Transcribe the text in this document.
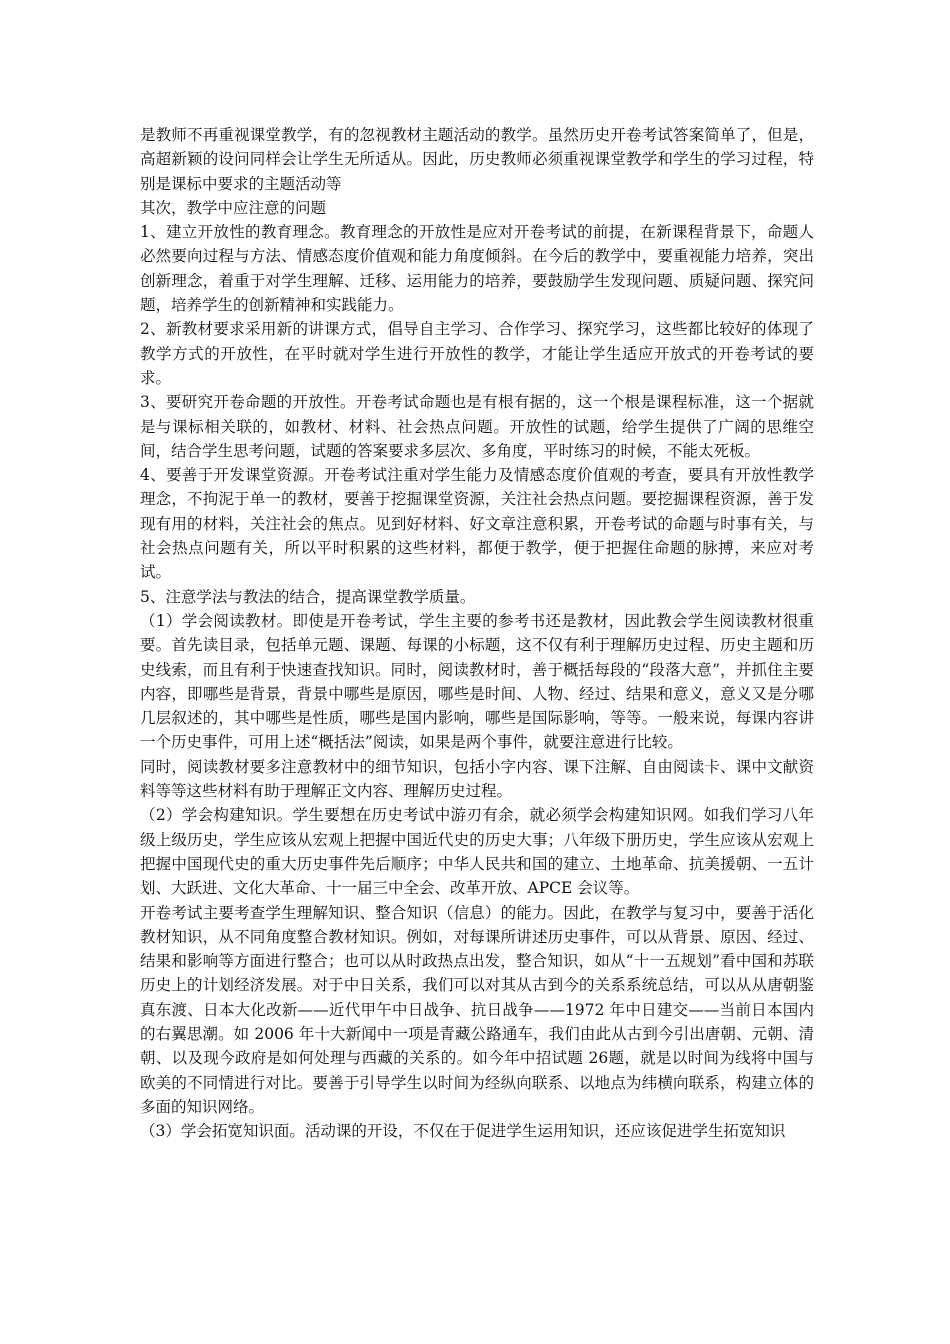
是教师不再重视课堂教学，有的忽视教材主题活动的教学。虽然历史开卷考试答案简单了，但是，高超新颖的设问同样会让学生无所适从。因此，历史教师必须重视课堂教学和学生的学习过程，特别是课标中要求的主题活动等

其次，教学中应注意的问题

1、建立开放性的教育理念。教育理念的开放性是应对开卷考试的前提，在新课程背景下，命题人必然要向过程与方法、情感态度价值观和能力角度倾斜。在今后的教学中，要重视能力培养，突出创新理念，着重于对学生理解、迁移、运用能力的培养，要鼓励学生发现问题、质疑问题、探究问题，培养学生的创新精神和实践能力。

2、新教材要求采用新的讲课方式，倡导自主学习、合作学习、探究学习，这些都比较好的体现了教学方式的开放性，在平时就对学生进行开放性的教学，才能让学生适应开放式的开卷考试的要求。

3、要研究开卷命题的开放性。开卷考试命题也是有根有据的，这一个根是课程标准，这一个据就是与课标相关联的，如教材、材料、社会热点问题。开放性的试题，给学生提供了广阔的思维空间，结合学生思考问题，试题的答案要求多层次、多角度，平时练习的时候，不能太死板。

4、要善于开发课堂资源。开卷考试注重对学生能力及情感态度价值观的考查，要具有开放性教学理念，不拘泥于单一的教材，要善于挖掘课堂资源，关注社会热点问题。要挖掘课程资源，善于发现有用的材料，关注社会的焦点。见到好材料、好文章注意积累，开卷考试的命题与时事有关，与社会热点问题有关，所以平时积累的这些材料，都便于教学，便于把握住命题的脉搏，来应对考试。

5、注意学法与教法的结合，提高课堂教学质量。

（1）学会阅读教材。即使是开卷考试，学生主要的参考书还是教材，因此教会学生阅读教材很重要。首先读目录，包括单元题、课题、每课的小标题，这不仅有利于理解历史过程、历史主题和历史线索，而且有利于快速查找知识。同时，阅读教材时，善于概括每段的“段落大意”，并抓住主要内容，即哪些是背景，背景中哪些是原因，哪些是时间、人物、经过、结果和意义，意义又是分哪几层叙述的，其中哪些是性质，哪些是国内影响，哪些是国际影响，等等。一般来说，每课内容讲一个历史事件，可用上述“概括法”阅读，如果是两个事件，就要注意进行比较。

同时，阅读教材要多注意教材中的细节知识，包括小字内容、课下注解、自由阅读卡、课中文献资料等等这些材料有助于理解正文内容、理解历史过程。

（2）学会构建知识。学生要想在历史考试中游刃有余，就必须学会构建知识网。如我们学习八年级上级历史，学生应该从宏观上把握中国近代史的历史大事；八年级下册历史，学生应该从宏观上把握中国现代史的重大历史事件先后顺序；中华人民共和国的建立、土地革命、抗美援朝、一五计划、大跃进、文化大革命、十一届三中全会、改革开放、APCE 会议等。

开卷考试主要考查学生理解知识、整合知识（信息）的能力。因此，在教学与复习中，要善于活化教材知识，从不同角度整合教材知识。例如，对每课所讲述历史事件，可以从背景、原因、经过、结果和影响等方面进行整合；也可以从时政热点出发，整合知识，如从“十一五规划”看中国和苏联历史上的计划经济发展。对于中日关系，我们可以对其从古到今的关系系统总结，可以从从唐朝鉴真东渡、日本大化改新——近代甲午中日战争、抗日战争——1972 年中日建交——当前日本国内的右翼思潮。如 2006 年十大新闻中一项是青藏公路通车，我们由此从古到今引出唐朝、元朝、清朝、以及现今政府是如何处理与西藏的关系的。如今年中招试题 26题，就是以时间为线将中国与欧美的不同情进行对比。要善于引导学生以时间为经纵向联系、以地点为纬横向联系，构建立体的多面的知识网络。

（3）学会拓宽知识面。活动课的开设，不仅在于促进学生运用知识，还应该促进学生拓宽知识
